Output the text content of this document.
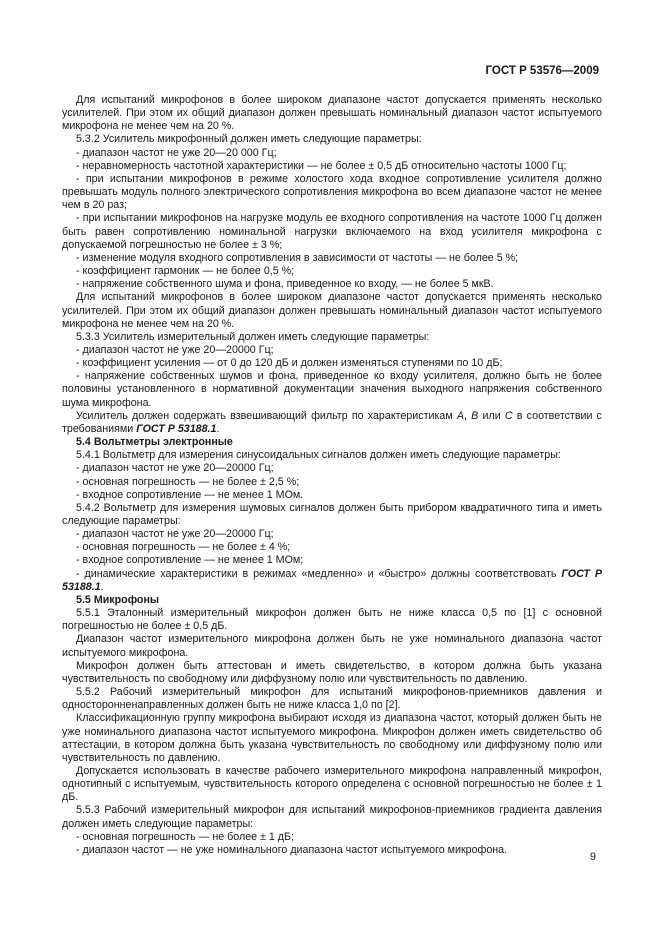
ГОСТ Р 53576—2009

Для испытаний микрофонов в более широком диапазоне частот допускается применять несколько усилителей. При этом их общий диапазон должен превышать номинальный диапазон частот испытуемого микрофона не менее чем на 20 %.

5.3.2 Усилитель микрофонный должен иметь следующие параметры:

- диапазон частот не уже 20—20 000 Гц;

- неравномерность частотной характеристики — не более ± 0,5 дБ относительно частоты 1000 Гц;

- при испытании микрофонов в режиме холостого хода входное сопротивление усилителя должно превышать модуль полного электрического сопротивления микрофона во всем диапазоне частот не менее чем в 20 раз;

- при испытании микрофонов на нагрузке модуль ее входного сопротивления на частоте 1000 Гц должен быть равен сопротивлению номинальной нагрузки включаемого на вход усилителя микрофона с допускаемой погрешностью не более ± 3 %;

- изменение модуля входного сопротивления в зависимости от частоты — не более 5 %;

- коэффициент гармоник — не более 0,5 %;

- напряжение собственного шума и фона, приведенное ко входу, — не более 5 мкВ.

Для испытаний микрофонов в более широком диапазоне частот допускается применять несколько усилителей. При этом их общий диапазон должен превышать номинальный диапазон частот испытуемого микрофона не менее чем на 20 %.

5.3.3 Усилитель измерительный должен иметь следующие параметры:

- диапазон частот не уже 20—20000 Гц;

- коэффициент усиления — от 0 до 120 дБ и должен изменяться ступенями по 10 дБ;

- напряжение собственных шумов и фона, приведенное ко входу усилителя, должно быть не более половины установленного в нормативной документации значения выходного напряжения собственного шума микрофона.

Усилитель должен содержать взвешивающий фильтр по характеристикам А, В или С в соответствии с требованиями ГОСТ Р 53188.1.

5.4 Вольтметры электронные

5.4.1 Вольтметр для измерения синусоидальных сигналов должен иметь следующие параметры:

- диапазон частот не уже 20—20000 Гц;

- основная погрешность — не более ± 2,5 %;

- входное сопротивление — не менее 1 МОм.

5.4.2 Вольтметр для измерения шумовых сигналов должен быть прибором квадратичного типа и иметь следующие параметры:

- диапазон частот не уже 20—20000 Гц;

- основная погрешность — не более ± 4 %;

- входное сопротивление — не менее 1 МОм;

- динамические характеристики в режимах «медленно» и «быстро» должны соответствовать ГОСТ Р 53188.1.

5.5 Микрофоны

5.5.1 Эталонный измерительный микрофон должен быть не ниже класса 0,5 по [1] с основной погрешностью не более ± 0,5 дБ.

Диапазон частот измерительного микрофона должен быть не уже номинального диапазона частот испытуемого микрофона.

Микрофон должен быть аттестован и иметь свидетельство, в котором должна быть указана чувствительность по свободному или диффузному полю или чувствительность по давлению.

5.5.2 Рабочий измерительный микрофон для испытаний микрофонов-приемников давления и односторонненаправленных должен быть не ниже класса 1,0 по [2].

Классификационную группу микрофона выбирают исходя из диапазона частот, который должен быть не уже номинального диапазона частот испытуемого микрофона. Микрофон должен иметь свидетельство об аттестации, в котором должна быть указана чувствительность по свободному или диффузному полю или чувствительность по давлению.

Допускается использовать в качестве рабочего измерительного микрофона направленный микрофон, однотипный с испытуемым, чувствительность которого определена с основной погрешностью не более ± 1 дБ.

5.5.3 Рабочий измерительный микрофон для испытаний микрофонов-приемников градиента давления должен иметь следующие параметры:

- основная погрешность — не более ± 1 дБ;

- диапазон частот — не уже номинального диапазона частот испытуемого микрофона.

9
